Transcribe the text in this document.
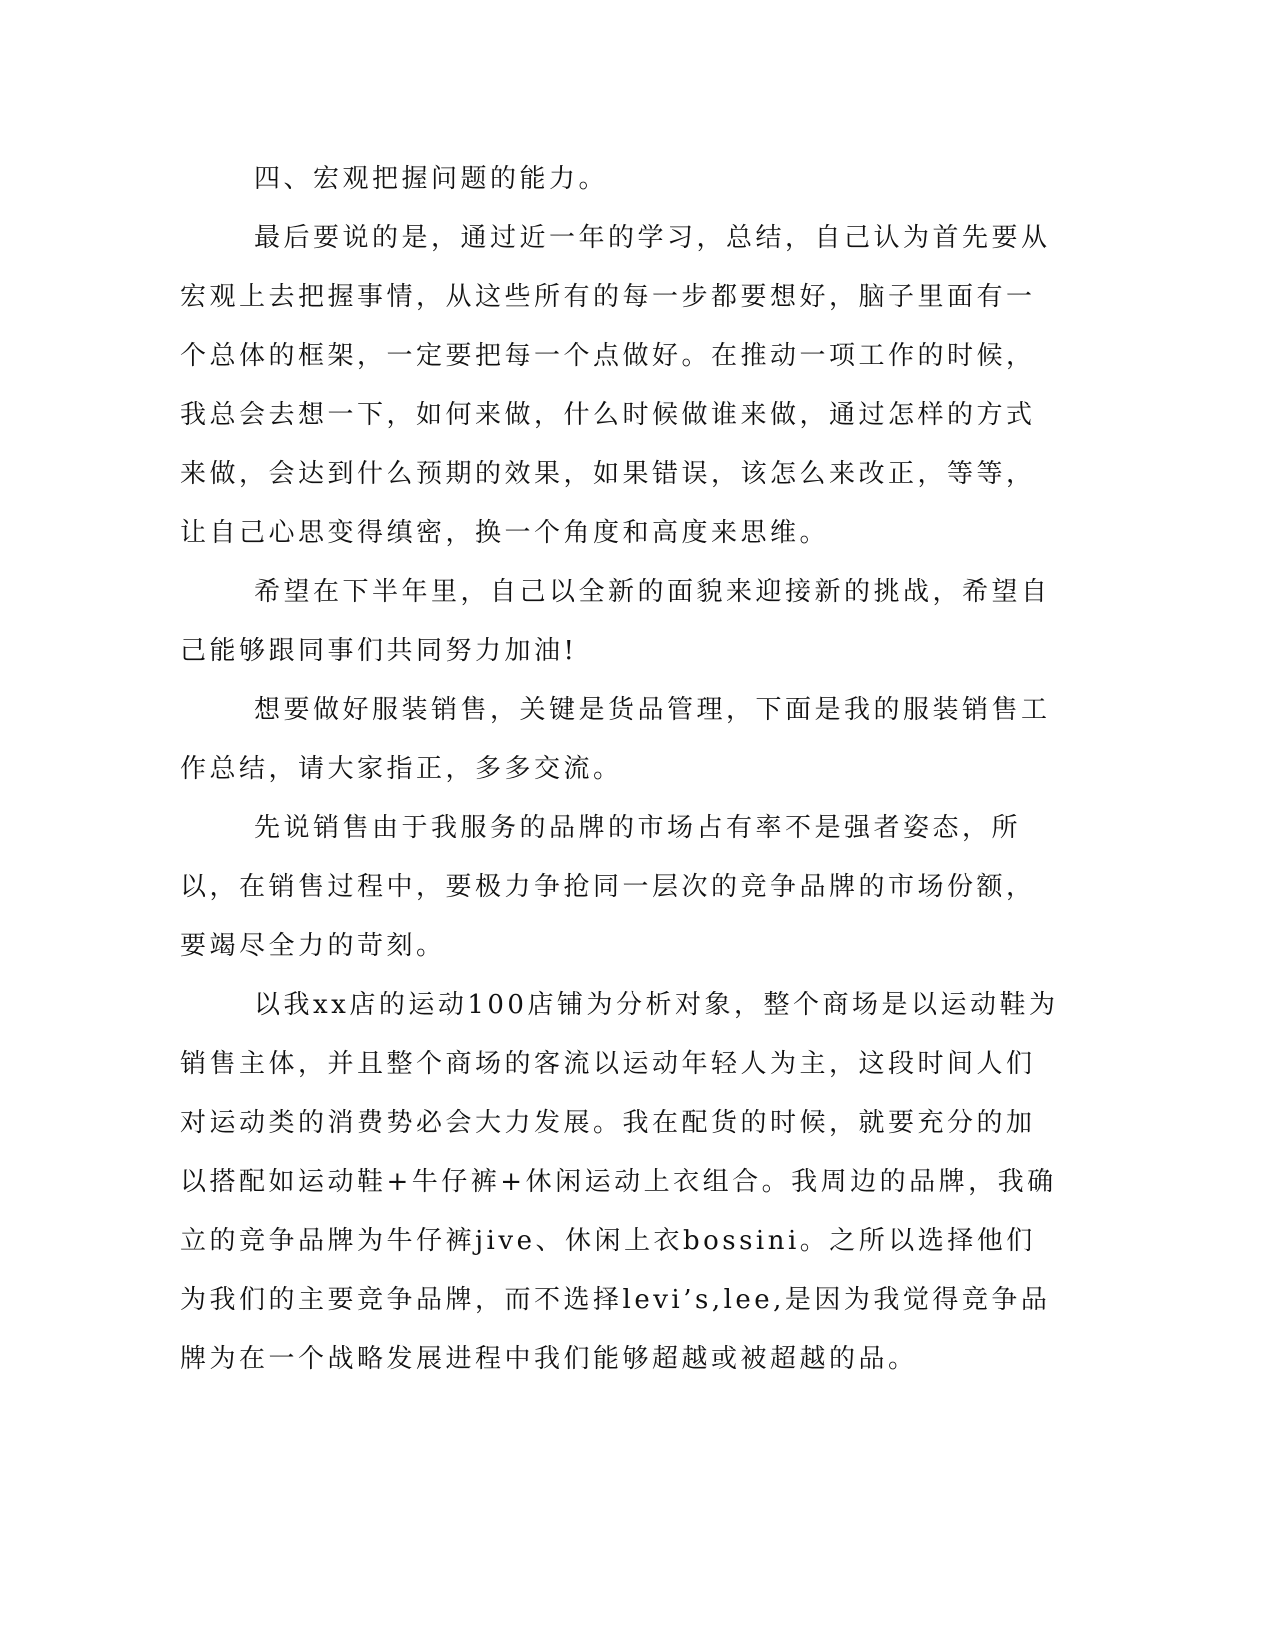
四、宏观把握问题的能力。

最后要说的是，通过近一年的学习，总结，自己认为首先要从宏观上去把握事情，从这些所有的每一步都要想好，脑子里面有一个总体的框架，一定要把每一个点做好。在推动一项工作的时候，我总会去想一下，如何来做，什么时候做谁来做，通过怎样的方式来做，会达到什么预期的效果，如果错误，该怎么来改正，等等，让自己心思变得缜密，换一个角度和高度来思维。

希望在下半年里，自己以全新的面貌来迎接新的挑战，希望自己能够跟同事们共同努力加油!

想要做好服装销售，关键是货品管理，下面是我的服装销售工作总结，请大家指正，多多交流。

先说销售由于我服务的品牌的市场占有率不是强者姿态，所以，在销售过程中，要极力争抢同一层次的竞争品牌的市场份额，要竭尽全力的苛刻。

以我xx店的运动100店铺为分析对象，整个商场是以运动鞋为销售主体，并且整个商场的客流以运动年轻人为主，这段时间人们对运动类的消费势必会大力发展。我在配货的时候，就要充分的加以搭配如运动鞋+牛仔裤+休闲运动上衣组合。我周边的品牌，我确立的竞争品牌为牛仔裤jive、休闲上衣bossini。之所以选择他们为我们的主要竞争品牌，而不选择levi’s,lee,是因为我觉得竞争品牌为在一个战略发展进程中我们能够超越或被超越的品。
